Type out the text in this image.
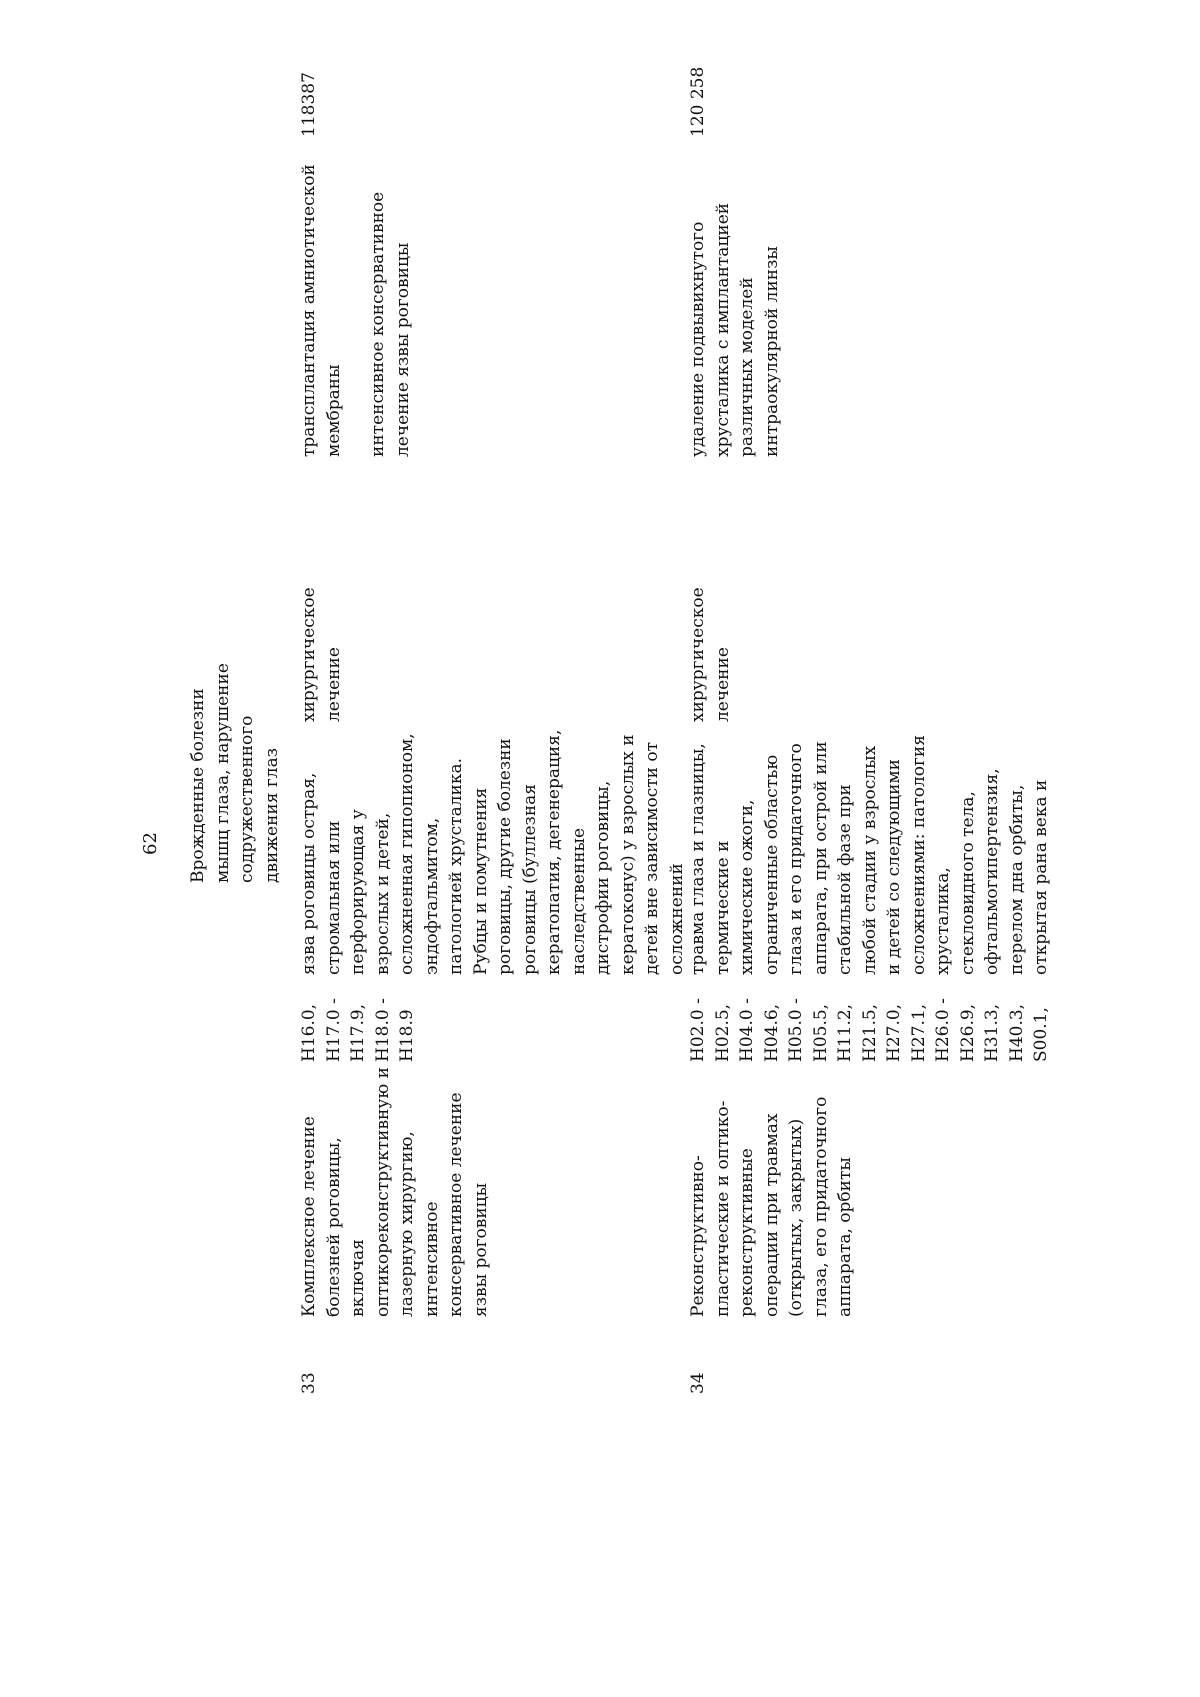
62 Врожденные болезни
мышц глаза, нарушение
содружественного
движения глаз
33
Комплексное лечение
болезней роговицы,
включая
оптикореконструктивную и
лазерную хирургию,
интенсивное
консервативное лечение
язвы роговицы
H16.0,
H17.0 -
H17.9,
H18.0 -
H18.9
язва роговицы острая,
стромальная или
перфорирующая у
взрослых и детей,
осложненная гипопионом,
эндофтальмитом,
патологией хрусталика.
Рубцы и помутнения
роговицы, другие болезни
роговицы (буллезная
кератопатия, дегенерация,
наследственные
дистрофии роговицы,
кератоконус) у взрослых и
детей вне зависимости от
осложнений
хирургическое
лечение
трансплантация амниотической
мембраны интенсивное консервативное
лечение язвы роговицы
118387
34
Реконструктивно-
пластические и оптико-
реконструктивные
операции при травмах
(открытых, закрытых)
глаза, его придаточного
аппарата, орбиты
H02.0 -
H02.5,
H04.0 -
H04.6,
H05.0 -
H05.5,
H11.2,
H21.5,
H27.0,
H27.1,
H26.0 -
H26.9,
H31.3,
H40.3,
S00.1,
травма глаза и глазницы,
термические и
химические ожоги,
ограниченные областью
глаза и его придаточного
аппарата, при острой или
стабильной фазе при
любой стадии у взрослых
и детей со следующими
осложнениями: патология
хрусталика,
стекловидного тела,
офтальмогипертензия,
перелом дна орбиты,
открытая рана века и
хирургическое
лечение
удаление подвывихнутого
хрусталика с имплантацией
различных моделей
интраокулярной линзы
120 258
